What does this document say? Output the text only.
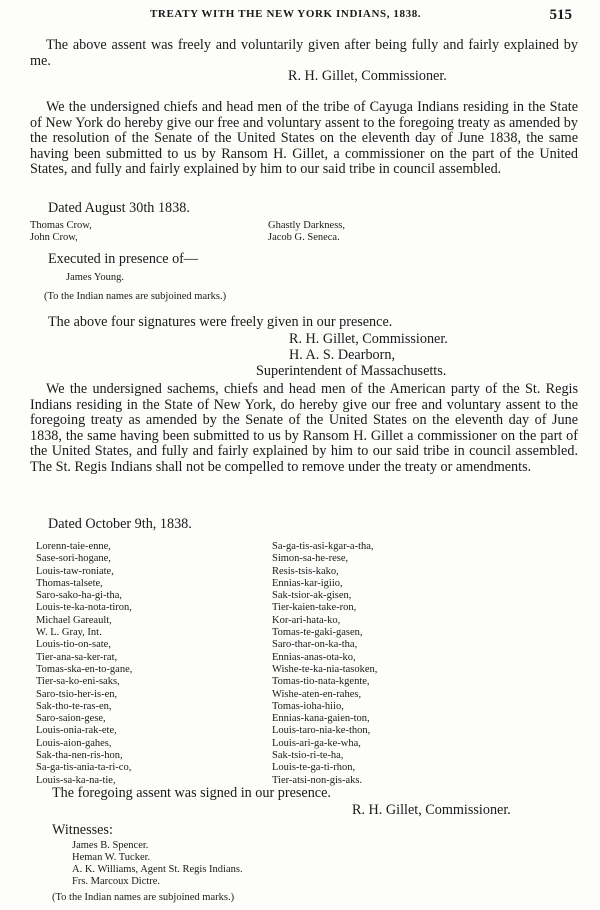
TREATY WITH THE NEW YORK INDIANS, 1838.	515

The above assent was freely and voluntarily given after being fully and fairly explained by me.

R. H. Gillet, Commissioner.

We the undersigned chiefs and head men of the tribe of Cayuga Indians residing in the State of New York do hereby give our free and voluntary assent to the foregoing treaty as amended by the resolution of the Senate of the United States on the eleventh day of June 1838, the same having been submitted to us by Ransom H. Gillet, a commissioner on the part of the United States, and fully and fairly explained by him to our said tribe in council assembled.

Dated August 30th 1838.
Thomas Crow,
John Crow,
Ghastly Darkness,
Jacob G. Seneca.
Executed in presence of—
James Young.
(To the Indian names are subjoined marks.)
The above four signatures were freely given in our presence.
R. H. Gillet, Commissioner.
H. A. S. Dearborn,
Superintendent of Massachusetts.

We the undersigned sachems, chiefs and head men of the American party of the St. Regis Indians residing in the State of New York, do hereby give our free and voluntary assent to the foregoing treaty as amended by the Senate of the United States on the eleventh day of June 1838, the same having been submitted to us by Ransom H. Gillet a commissioner on the part of the United States, and fully and fairly explained by him to our said tribe in council assembled. The St. Regis Indians shall not be compelled to remove under the treaty or amendments.

Dated October 9th, 1838.
Lorenn-taie-enne,
Sase-sori-hogane,
Louis-taw-roniate,
Thomas-talsete,
Saro-sako-ha-gi-tha,
Louis-te-ka-nota-tiron,
Michael Gareault,
W. L. Gray, Int.
Louis-tio-on-sate,
Tier-ana-sa-ker-rat,
Tomas-ska-en-to-gane,
Tier-sa-ko-eni-saks,
Saro-tsio-her-is-en,
Sak-tho-te-ras-en,
Saro-saion-gese,
Louis-onia-rak-ete,
Louis-aion-gahes,
Sak-tha-nen-ris-hon,
Sa-ga-tis-ania-ta-ri-co,
Louis-sa-ka-na-tie,
Sa-ga-tis-asi-kgar-a-tha,
Simon-sa-he-rese,
Resis-tsis-kako,
Ennias-kar-igiio,
Sak-tsior-ak-gisen,
Tier-kaien-take-ron,
Kor-ari-hata-ko,
Tomas-te-gaki-gasen,
Saro-thar-on-ka-tha,
Ennias-anas-ota-ko,
Wishe-te-ka-nia-tasoken,
Tomas-tio-nata-kgente,
Wishe-aten-en-rahes,
Tomas-ioha-hiio,
Ennias-kana-gaien-ton,
Louis-taro-nia-ke-thon,
Louis-ari-ga-ke-wha,
Sak-tsio-ri-te-ha,
Louis-te-ga-ti-rhon,
Tier-atsi-non-gis-aks.
The foregoing assent was signed in our presence.
R. H. Gillet, Commissioner.
Witnesses:
James B. Spencer.
Heman W. Tucker.
A. K. Williams, Agent St. Regis Indians.
Frs. Marcoux Dictre.
(To the Indian names are subjoined marks.)
